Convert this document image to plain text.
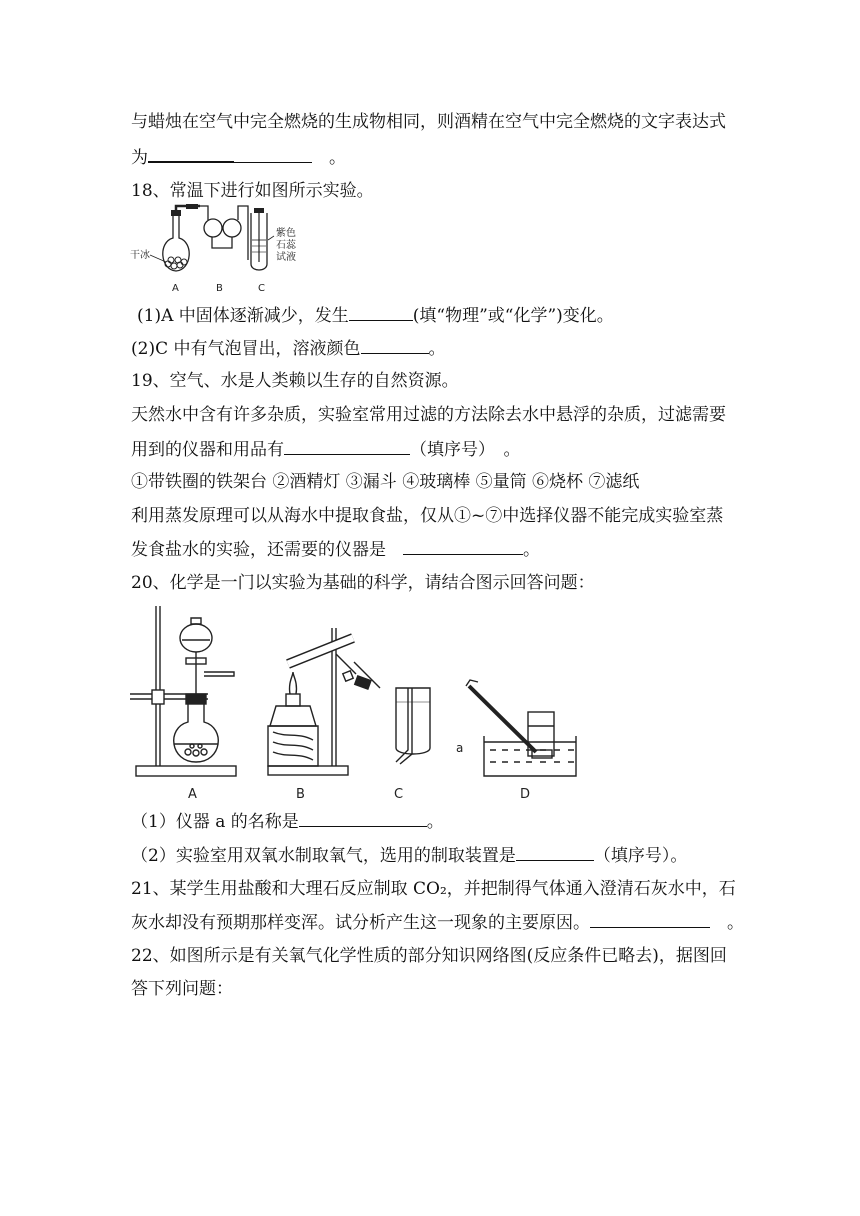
与蜡烛在空气中完全燃烧的生成物相同，则酒精在空气中完全燃烧的文字表达式
为　	。
18、常温下进行如图所示实验。
紫色
石蕊
试液
干冰
A	B	C
(1)A 中固体逐渐减少，发生	(填“物理”或“化学”)变化。
(2)C 中有气泡冒出，溶液颜色	。
19、空气、水是人类赖以生存的自然资源。
天然水中含有许多杂质，实验室常用过滤的方法除去水中悬浮的杂质，过滤需要
用到的仪器和用品有	（填序号）　。
①带铁圈的铁架台 ②酒精灯 ③漏斗 ④玻璃棒 ⑤量筒 ⑥烧杯 ⑦滤纸
利用蒸发原理可以从海水中提取食盐，仅从①~⑦中选择仪器不能完成实验室蒸
发食盐水的实验，还需要的仪器是　	。
20、化学是一门以实验为基础的科学，请结合图示回答问题：
a
A	B	C	D
（1）仪器 a 的名称是	。
（2）实验室用双氧水制取氧气，选用的制取装置是	（填序号）。
21、某学生用盐酸和大理石反应制取 CO₂，并把制得气体通入澄清石灰水中，石
灰水却没有预期那样变浑。试分析产生这一现象的主要原因。　	。
22、如图所示是有关氧气化学性质的部分知识网络图(反应条件已略去)，据图回
答下列问题：
